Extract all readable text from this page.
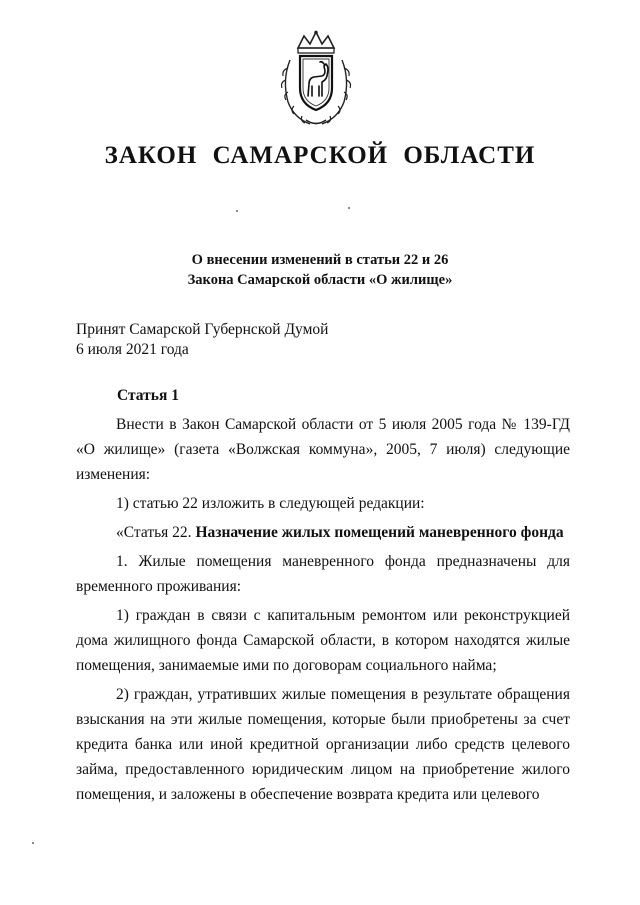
ЗАКОН САМАРСКОЙ ОБЛАСТИ
О внесении изменений в статьи 22 и 26
Закона Самарской области «О жилище»
Принят Самарской Губернской Думой
6 июля 2021 года
Статья 1

Внести в Закон Самарской области от 5 июля 2005 года № 139-ГД «О жилище» (газета «Волжская коммуна», 2005, 7 июля) следующие изменения:

1) статью 22 изложить в следующей редакции:

«Статья 22. Назначение жилых помещений маневренного фонда

1. Жилые помещения маневренного фонда предназначены для временного проживания:

1) граждан в связи с капитальным ремонтом или реконструкцией дома жилищного фонда Самарской области, в котором находятся жилые помещения, занимаемые ими по договорам социального найма;

2) граждан, утративших жилые помещения в результате обращения взыскания на эти жилые помещения, которые были приобретены за счет кредита банка или иной кредитной организации либо средств целевого займа, предоставленного юридическим лицом на приобретение жилого помещения, и заложены в обеспечение возврата кредита или целевого
